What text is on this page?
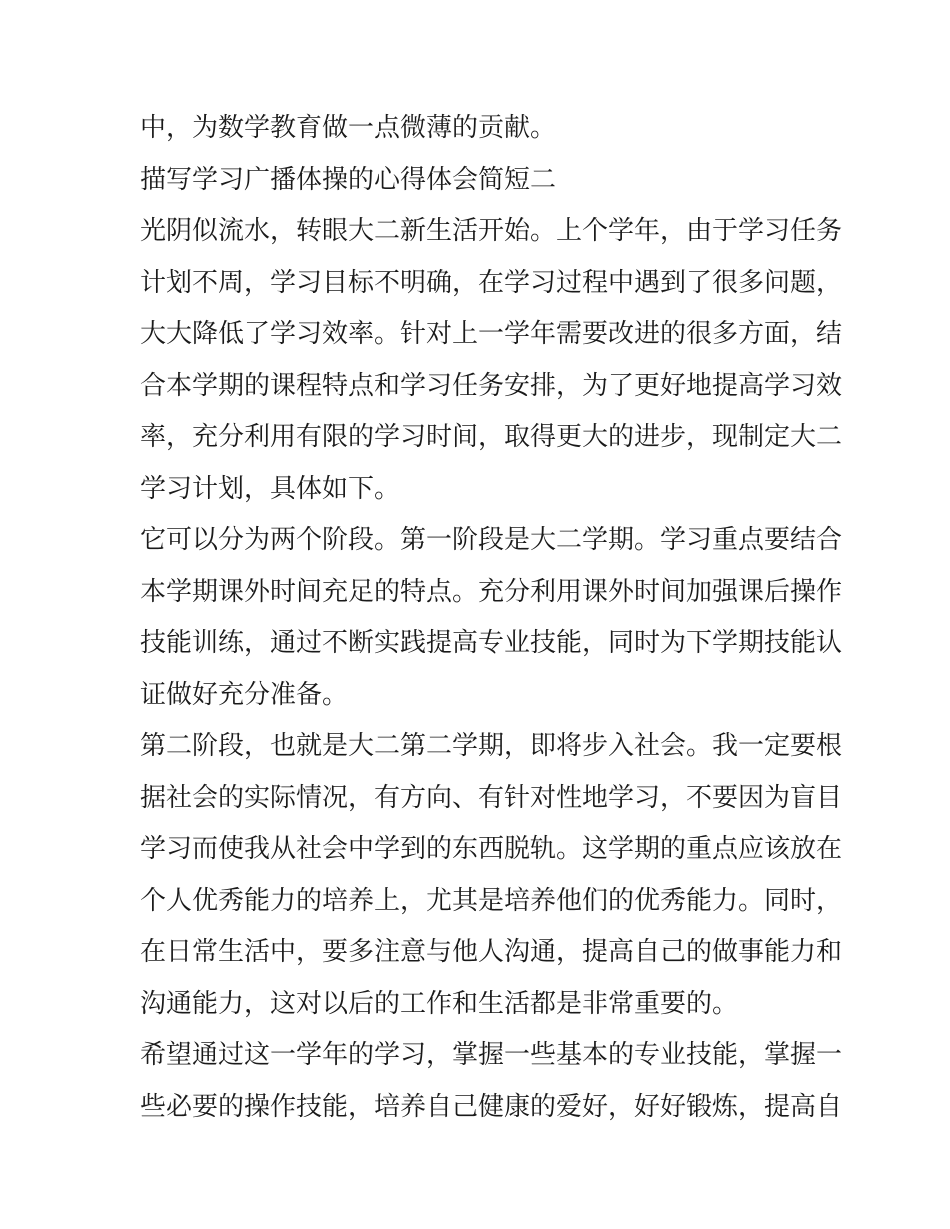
中，为数学教育做一点微薄的贡献。
描写学习广播体操的心得体会简短二
光阴似流水，转眼大二新生活开始。上个学年，由于学习任务
计划不周，学习目标不明确，在学习过程中遇到了很多问题，
大大降低了学习效率。针对上一学年需要改进的很多方面，结
合本学期的课程特点和学习任务安排，为了更好地提高学习效
率，充分利用有限的学习时间，取得更大的进步，现制定大二
学习计划，具体如下。
它可以分为两个阶段。第一阶段是大二学期。学习重点要结合
本学期课外时间充足的特点。充分利用课外时间加强课后操作
技能训练，通过不断实践提高专业技能，同时为下学期技能认
证做好充分准备。
第二阶段，也就是大二第二学期，即将步入社会。我一定要根
据社会的实际情况，有方向、有针对性地学习，不要因为盲目
学习而使我从社会中学到的东西脱轨。这学期的重点应该放在
个人优秀能力的培养上，尤其是培养他们的优秀能力。同时，
在日常生活中，要多注意与他人沟通，提高自己的做事能力和
沟通能力，这对以后的工作和生活都是非常重要的。
希望通过这一学年的学习，掌握一些基本的专业技能，掌握一
些必要的操作技能，培养自己健康的爱好，好好锻炼，提高自
